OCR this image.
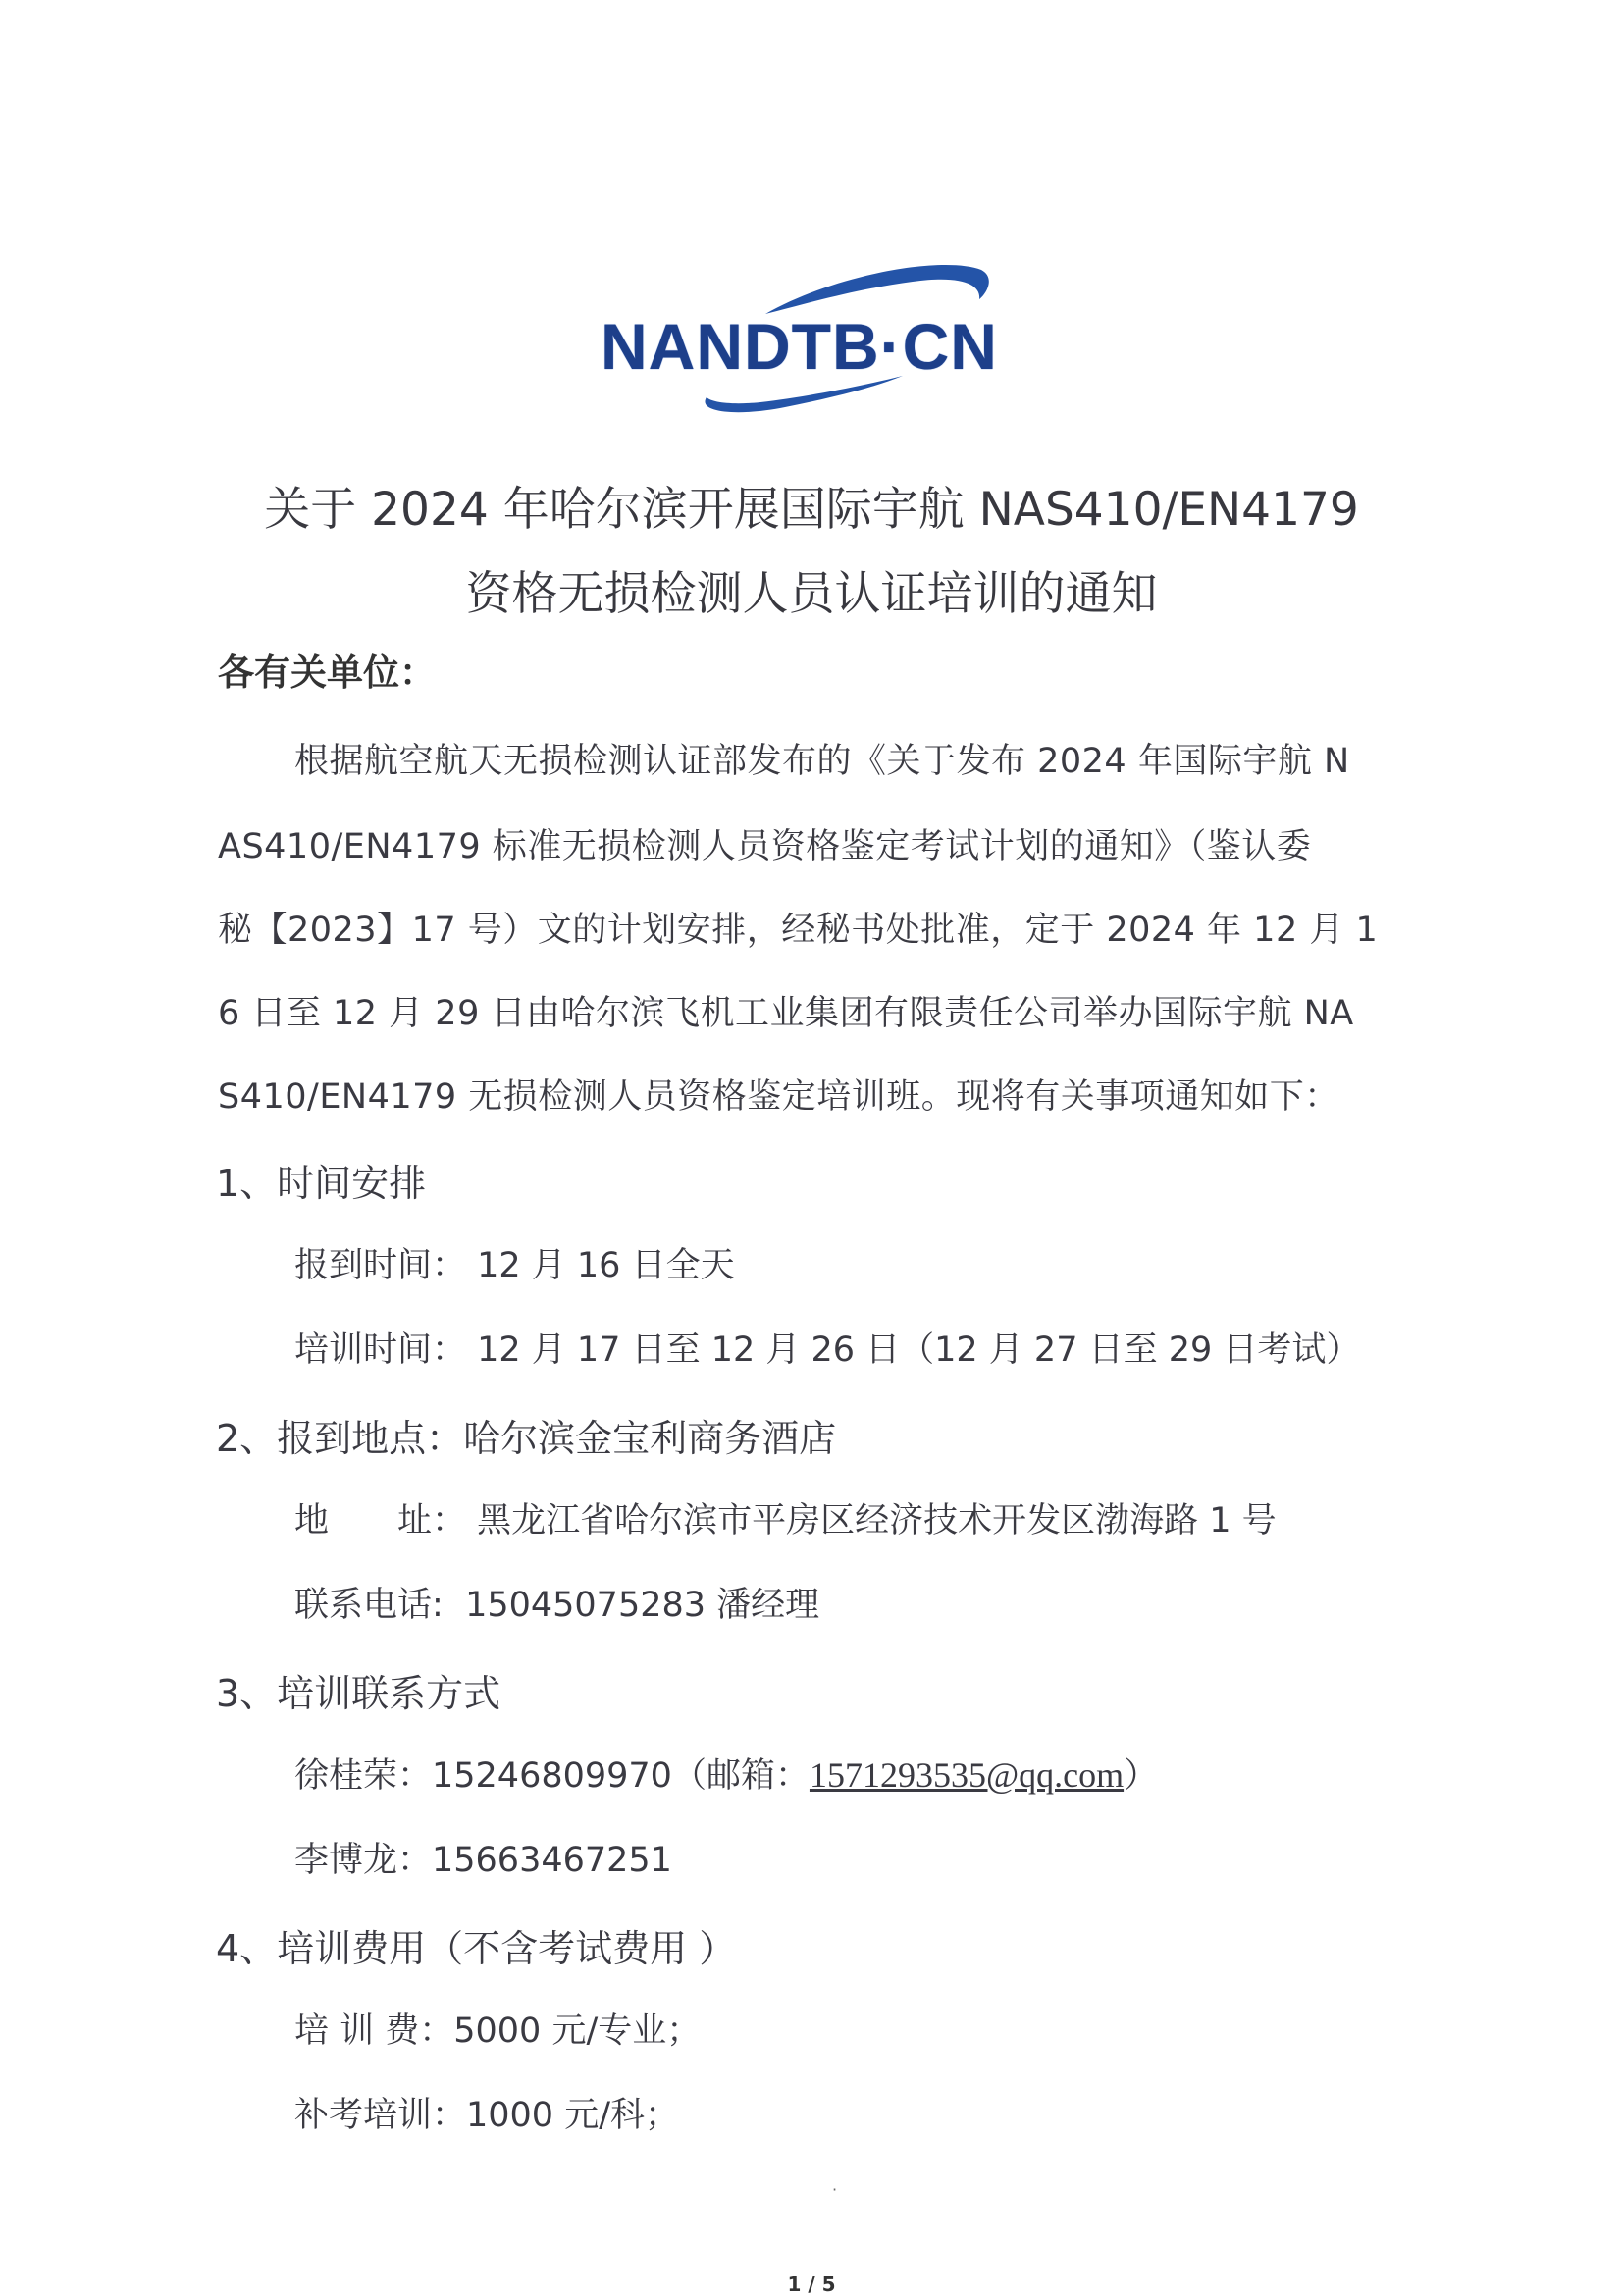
NANDTB·CN
关于 2024 年哈尔滨开展国际宇航 NAS410/EN4179
资格无损检测人员认证培训的通知
各有关单位：
根据航空航天无损检测认证部发布的《关于发布 2024 年国际宇航 N
AS410/EN4179 标准无损检测人员资格鉴定考试计划的通知》（鉴认委
秘【2023】17 号）文的计划安排，经秘书处批准，定于 2024 年 12 月 1
6 日至 12 月 29 日由哈尔滨飞机工业集团有限责任公司举办国际宇航 NA
S410/EN4179 无损检测人员资格鉴定培训班。现将有关事项通知如下：
1、时间安排
报到时间： 12 月 16 日全天
培训时间： 12 月 17 日至 12 月 26 日（12 月 27 日至 29 日考试）
2、报到地点：哈尔滨金宝利商务酒店
地　　址： 黑龙江省哈尔滨市平房区经济技术开发区渤海路 1 号
联系电话: 15045075283 潘经理
3、培训联系方式
徐桂荣：15246809970（邮箱：1571293535@qq.com）
李博龙：15663467251
4、培训费用（不含考试费用 ）
培 训 费：5000 元/专业；
补考培训：1000 元/科；
·
1 / 5
